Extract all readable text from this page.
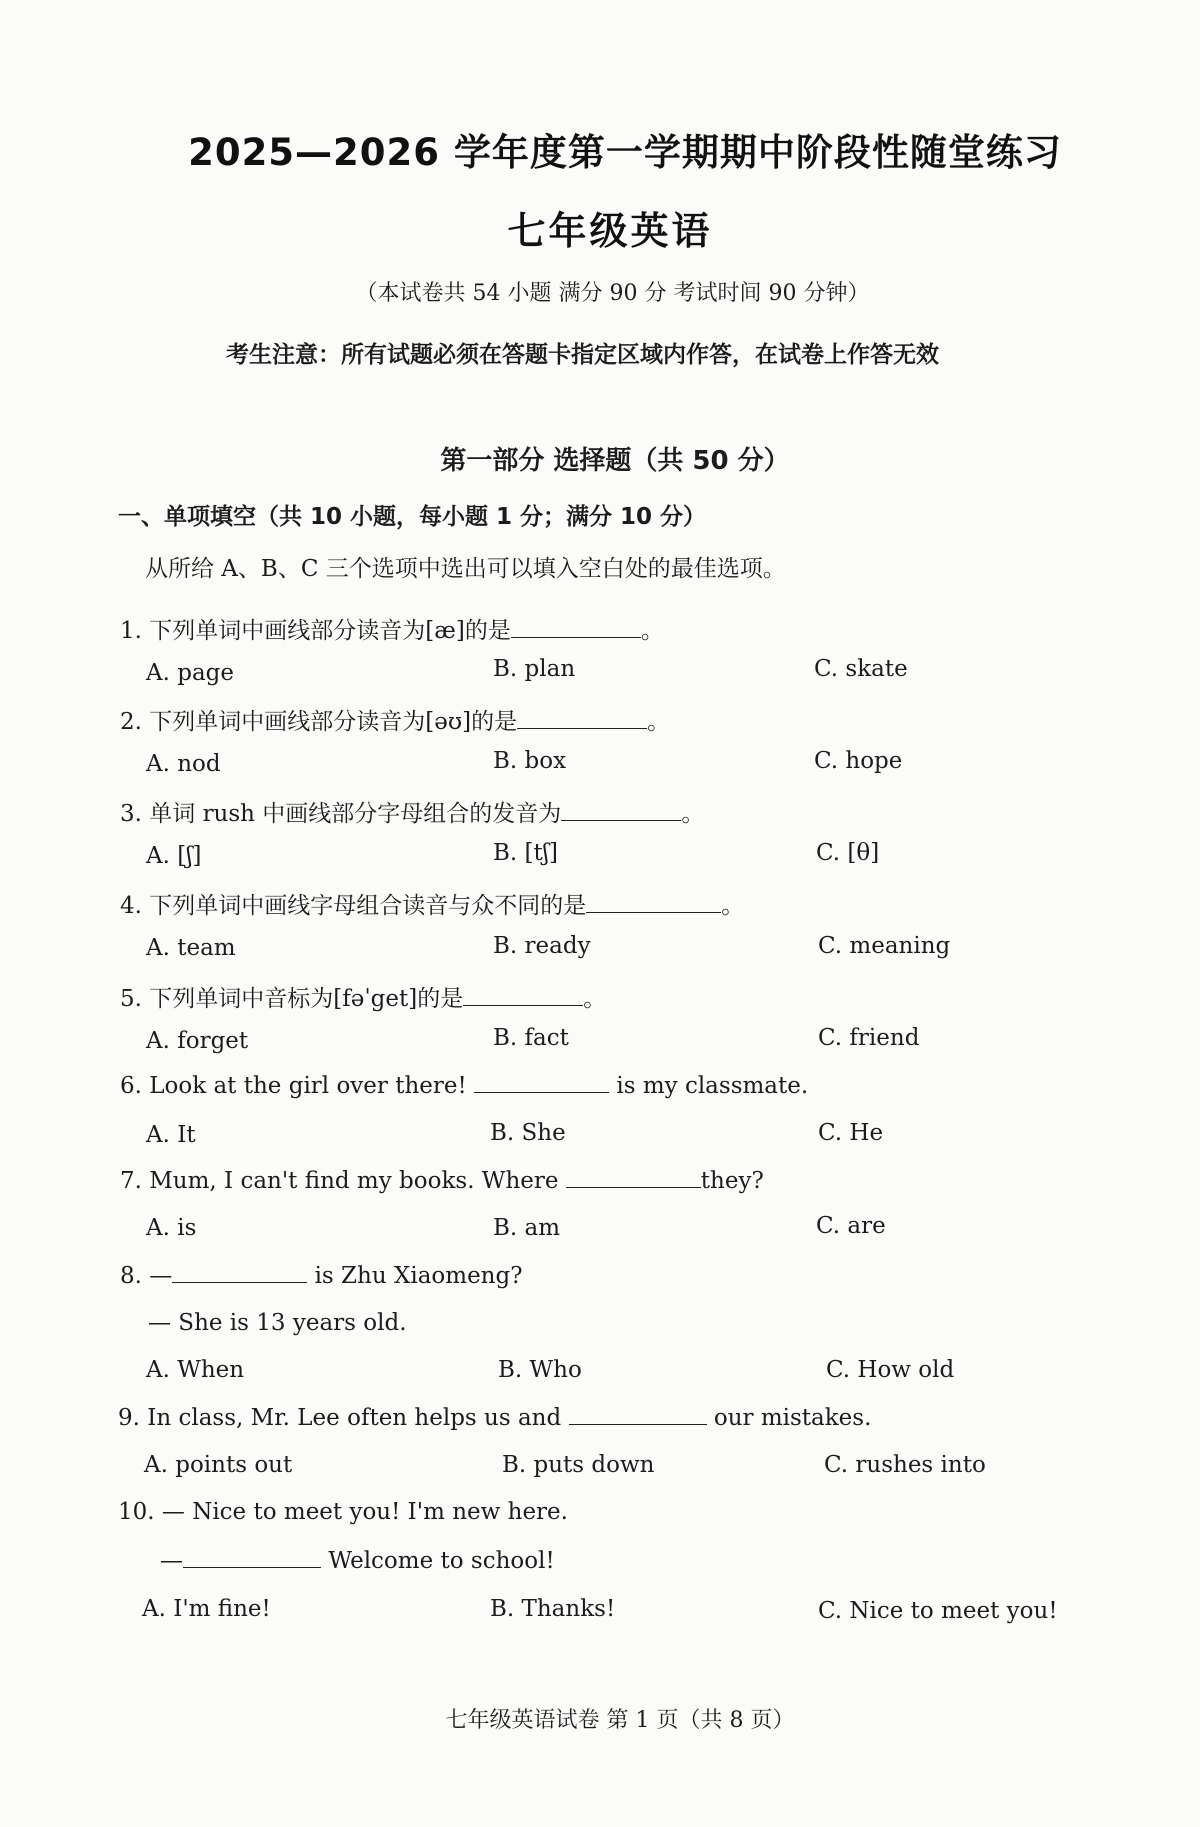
2025—2026 学年度第一学期期中阶段性随堂练习
七年级英语
（本试卷共 54 小题 满分 90 分 考试时间 90 分钟）
考生注意：所有试题必须在答题卡指定区域内作答，在试卷上作答无效
第一部分 选择题（共 50 分）
一、单项填空（共 10 小题，每小题 1 分；满分 10 分）
从所给 A、B、C 三个选项中选出可以填入空白处的最佳选项。
1. 下列单词中画线部分读音为[æ]的是	。
A. page	B. plan	C. skate
2. 下列单词中画线部分读音为[əʊ]的是	。
A. nod	B. box	C. hope
3. 单词 rush 中画线部分字母组合的发音为	。
A. [ʃ]	B. [tʃ]	C. [θ]
4. 下列单词中画线字母组合读音与众不同的是	。
A. team	B. ready	C. meaning
5. 下列单词中音标为[fəˈget]的是	。
A. forget	B. fact	C. friend
6. Look at the girl over there!	is my classmate.
A. It	B. She	C. He
7. Mum, I can't find my books. Where	they?
A. is	B. am	C. are
8. —	is Zhu Xiaomeng?
— She is 13 years old.
A. When	B. Who	C. How old
9. In class, Mr. Lee often helps us and	our mistakes.
A. points out	B. puts down	C. rushes into
10. — Nice to meet you! I'm new here.
—	Welcome to school!
A. I'm fine!	B. Thanks!	C. Nice to meet you!
七年级英语试卷 第 1 页（共 8 页）
